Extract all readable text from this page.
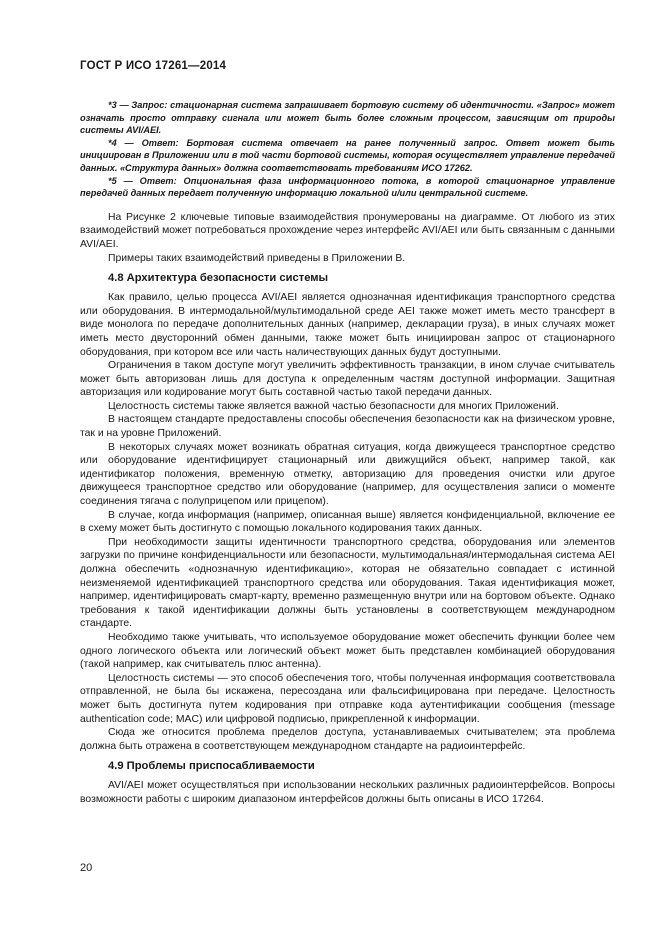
ГОСТ Р ИСО 17261—2014

*3 — Запрос: стационарная система запрашивает бортовую систему об идентичности. «Запрос» может означать просто отправку сигнала или может быть более сложным процессом, зависящим от природы системы AVI/AEI.

*4 — Ответ: Бортовая система отвечает на ранее полученный запрос. Ответ может быть инициирован в Приложении или в той части бортовой системы, которая осуществляет управление передачей данных. «Структура данных» должна соответствовать требованиям ИСО 17262.

*5 — Ответ: Опциональная фаза информационного потока, в которой стационарное управление передачей данных передает полученную информацию локальной и/или центральной системе.

На Рисунке 2 ключевые типовые взаимодействия пронумерованы на диаграмме. От любого из этих взаимодействий может потребоваться прохождение через интерфейс AVI/AEI или быть связанным с данными AVI/AEI.

Примеры таких взаимодействий приведены в Приложении В.

4.8 Архитектура безопасности системы

Как правило, целью процесса AVI/AEI является однозначная идентификация транспортного средства или оборудования. В интермодальной/мультимодальной среде AEI также может иметь место трансферт в виде монолога по передаче дополнительных данных (например, декларации груза), в иных случаях может иметь место двусторонний обмен данными, также может быть инициирован запрос от стационарного оборудования, при котором все или часть наличествующих данных будут доступными.

Ограничения в таком доступе могут увеличить эффективность транзакции, в ином случае считыватель может быть авторизован лишь для доступа к определенным частям доступной информации. Защитная авторизация или кодирование могут быть составной частью такой передачи данных.

Целостность системы также является важной частью безопасности для многих Приложений.

В настоящем стандарте предоставлены способы обеспечения безопасности как на физическом уровне, так и на уровне Приложений.

В некоторых случаях может возникать обратная ситуация, когда движущееся транспортное средство или оборудование идентифицирует стационарный или движущийся объект, например такой, как идентификатор положения, временную отметку, авторизацию для проведения очистки или другое движущееся транспортное средство или оборудование (например, для осуществления записи о моменте соединения тягача с полуприцепом или прицепом).

В случае, когда информация (например, описанная выше) является конфиденциальной, включение ее в схему может быть достигнуто с помощью локального кодирования таких данных.

При необходимости защиты идентичности транспортного средства, оборудования или элементов загрузки по причине конфиденциальности или безопасности, мультимодальная/интермодальная система AEI должна обеспечить «однозначную идентификацию», которая не обязательно совпадает с истинной неизменяемой идентификацией транспортного средства или оборудования. Такая идентификация может, например, идентифицировать смарт-карту, временно размещенную внутри или на бортовом объекте. Однако требования к такой идентификации должны быть установлены в соответствующем международном стандарте.

Необходимо также учитывать, что используемое оборудование может обеспечить функции более чем одного логического объекта или логический объект может быть представлен комбинацией оборудования (такой например, как считыватель плюс антенна).

Целостность системы — это способ обеспечения того, чтобы полученная информация соответствовала отправленной, не была бы искажена, пересоздана или фальсифицирована при передаче. Целостность может быть достигнута путем кодирования при отправке кода аутентификации сообщения (message authentication code; MAC) или цифровой подписью, прикрепленной к информации.

Сюда же относится проблема пределов доступа, устанавливаемых считывателем; эта проблема должна быть отражена в соответствующем международном стандарте на радиоинтерфейс.

4.9 Проблемы приспосабливаемости

AVI/AEI может осуществляться при использовании нескольких различных радиоинтерфейсов. Вопросы возможности работы с широким диапазоном интерфейсов должны быть описаны в ИСО 17264.

20
